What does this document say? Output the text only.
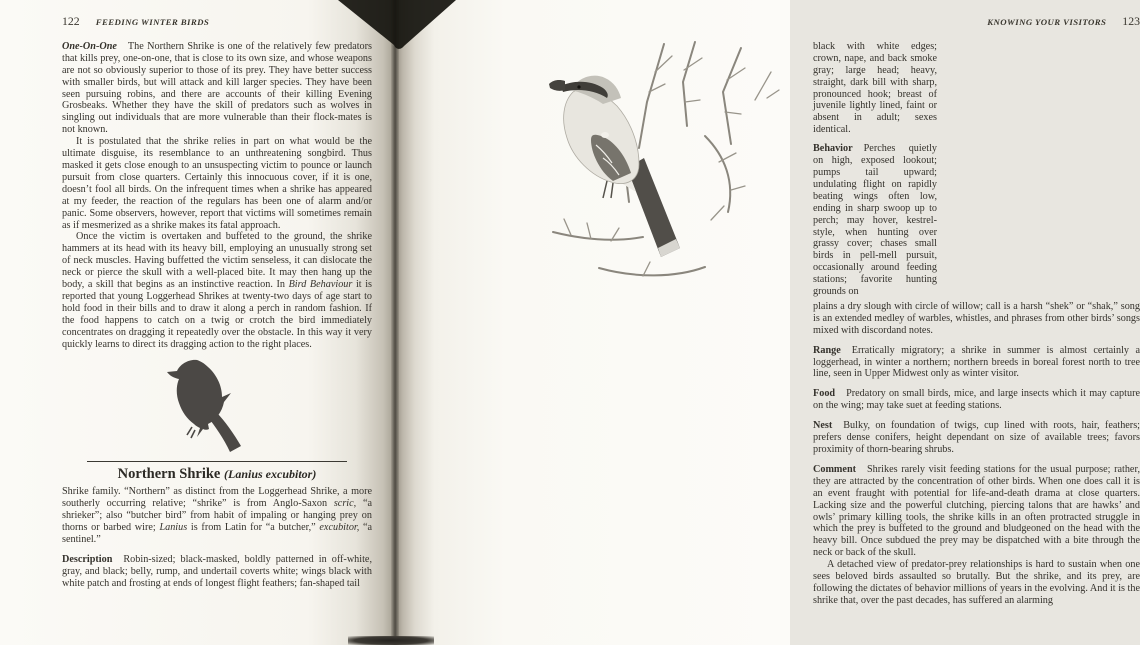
122 FEEDING WINTER BIRDS

One-On-One The Northern Shrike is one of the relatively few predators that kills prey, one-on-one, that is close to its own size, and whose weapons are not so obviously superior to those of its prey. They have better success with smaller birds, but will attack and kill larger species. They have been seen pursuing robins, and there are accounts of their killing Evening Grosbeaks. Whether they have the skill of predators such as wolves in singling out individuals that are more vulnerable than their flock-mates is not known.

It is postulated that the shrike relies in part on what would be the ultimate disguise, its resemblance to an unthreatening songbird. Thus masked it gets close enough to an unsuspecting victim to pounce or launch pursuit from close quarters. Certainly this innocuous cover, if it is one, doesn’t fool all birds. On the infrequent times when a shrike has appeared at my feeder, the reaction of the regulars has been one of alarm and/or panic. Some observers, however, report that victims will sometimes remain as if mesmerized as a shrike makes its fatal approach.

Once the victim is overtaken and buffeted to the ground, the shrike hammers at its head with its heavy bill, employing an unusually strong set of neck muscles. Having buffetted the victim senseless, it can dislocate the neck or pierce the skull with a well-placed bite. It may then hang up the body, a skill that begins as an instinctive reaction. In Bird Behaviour it is reported that young Loggerhead Shrikes at twenty-two days of age start to hold food in their bills and to draw it along a perch in random fashion. If the food happens to catch on a twig or crotch the bird immediately concentrates on dragging it repeatedly over the obstacle. In this way it very quickly learns to direct its dragging action to the right places.

Northern Shrike (Lanius excubitor)

Shrike family. “Northern” as distinct from the Loggerhead Shrike, a more southerly occurring relative; “shrike” is from Anglo-Saxon scric, “a shrieker”; also “butcher bird” from habit of impaling or hanging prey on thorns or barbed wire; Lanius is from Latin for “a butcher,” excubitor, “a sentinel.”

Description Robin-sized; black-masked, boldly patterned in off-white, gray, and black; belly, rump, and undertail coverts white; wings black with white patch and frosting at ends of longest flight feathers; fan-shaped tail

KNOWING YOUR VISITORS 123

black with white edges; crown, nape, and back smoke gray; large head; heavy, straight, dark bill with sharp, pronounced hook; breast of juvenile lightly lined, faint or absent in adult; sexes identical.

Behavior Perches quietly on high, exposed lookout; pumps tail upward; undulating flight on rapidly beating wings often low, ending in sharp swoop up to perch; may hover, kestrel-style, when hunting over grassy cover; chases small birds in pell-mell pursuit, occasionally around feeding stations; favorite hunting grounds on

plains a dry slough with circle of willow; call is a harsh “shek” or “shak,” song is an extended medley of warbles, whistles, and phrases from other birds’ songs mixed with discordand notes.

Range Erratically migratory; a shrike in summer is almost certainly a loggerhead, in winter a northern; northern breeds in boreal forest north to tree line, seen in Upper Midwest only as winter visitor.

Food Predatory on small birds, mice, and large insects which it may capture on the wing; may take suet at feeding stations.

Nest Bulky, on foundation of twigs, cup lined with roots, hair, feathers; prefers dense conifers, height dependant on size of available trees; favors proximity of thorn-bearing shrubs.

Comment Shrikes rarely visit feeding stations for the usual purpose; rather, they are attracted by the concentration of other birds. When one does call it is an event fraught with potential for life-and-death drama at close quarters. Lacking size and the powerful clutching, piercing talons that are hawks’ and owls’ primary killing tools, the shrike kills in an often protracted struggle in which the prey is buffeted to the ground and bludgeoned on the head with the heavy bill. Once subdued the prey may be dispatched with a bite through the neck or back of the skull.

A detached view of predator-prey relationships is hard to sustain when one sees beloved birds assaulted so brutally. But the shrike, and its prey, are following the dictates of behavior millions of years in the evolving. And it is the shrike that, over the past decades, has suffered an alarming
